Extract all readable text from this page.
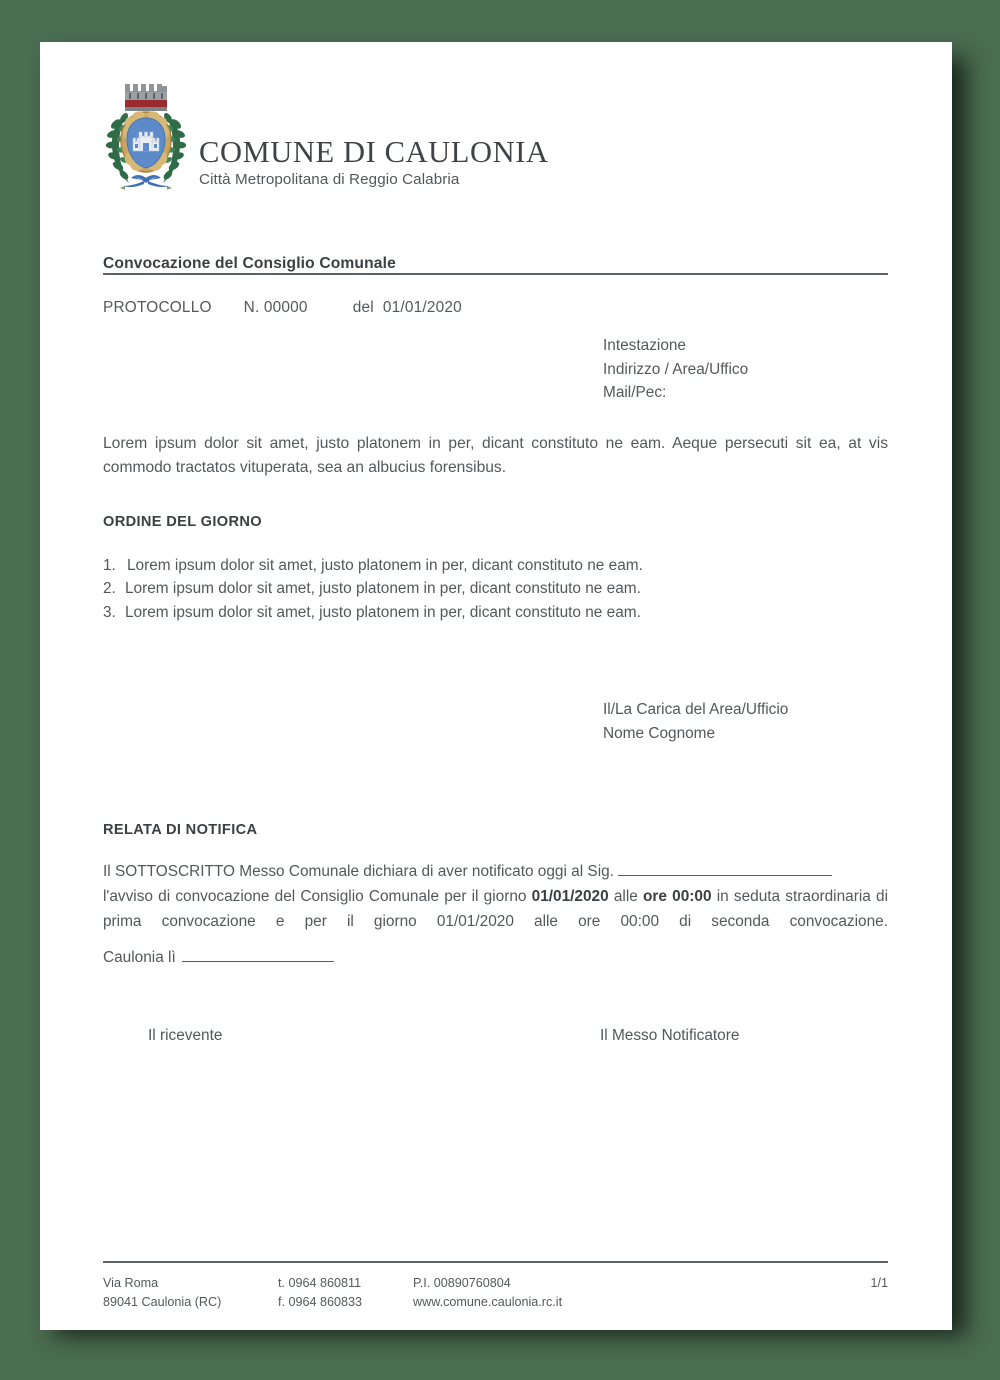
COMUNE DI CAULONIA
Città Metropolitana di Reggio Calabria
Convocazione del Consiglio Comunale
PROTOCOLLO N. 00000	del 01/01/2020
Intestazione
Indirizzo / Area/Uffico
Mail/Pec:
Lorem ipsum dolor sit amet, justo platonem in per, dicant constituto ne eam. Aeque persecuti sit ea, at vis commodo tractatos vituperata, sea an albucius forensibus.
ORDINE DEL GIORNO
1. Lorem ipsum dolor sit amet, justo platonem in per, dicant constituto ne eam.
2. Lorem ipsum dolor sit amet, justo platonem in per, dicant constituto ne eam.
3. Lorem ipsum dolor sit amet, justo platonem in per, dicant constituto ne eam.
Il/La Carica del Area/Ufficio
Nome Cognome
RELATA DI NOTIFICA
Il SOTTOSCRITTO Messo Comunale dichiara di aver notificato oggi al Sig.
l'avviso di convocazione del Consiglio Comunale per il giorno 01/01/2020 alle ore 00:00 in seduta straordinaria di prima convocazione e per il giorno 01/01/2020 alle ore 00:00 di seconda convocazione.
Caulonia lì
Il ricevente	Il Messo Notificatore
Via Roma
89041 Caulonia (RC)
t. 0964 860811
f. 0964 860833
P.I. 00890760804
www.comune.caulonia.rc.it
1/1
